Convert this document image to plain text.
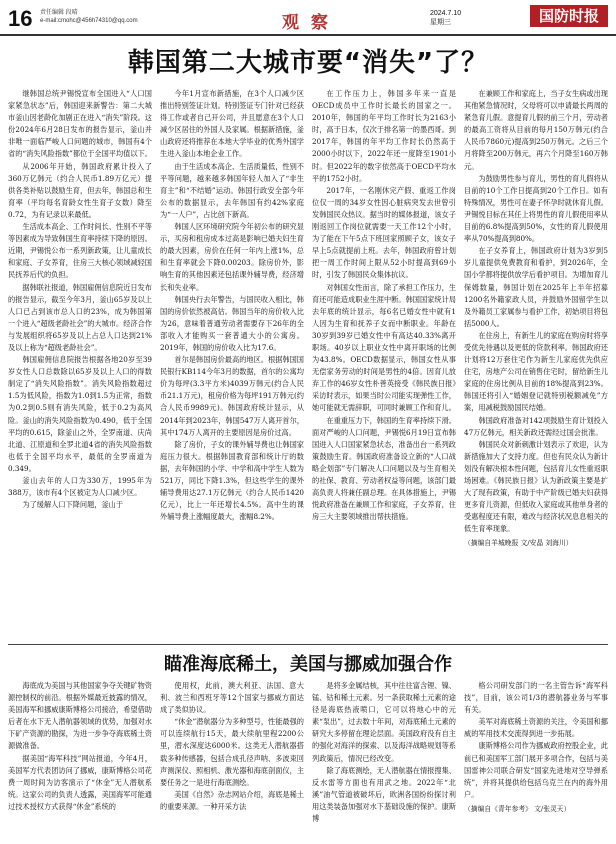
16 责任编辑 段晴
e-mail:cmohc@456h74310@qq.com	观 察	2024.7.10
星期三	国防时报
韩国第二大城市要“消失”了？

继韩国总统尹锡悦宣布全国进入“人口国家紧急状态”后，韩国迎来新警告：第二大城市釜山因老龄化加剧正在进入“消失”阶段。这份2024年6月28日发布的报告显示，釜山并非唯一面临严峻人口问题的城市，韩国有4个省的“消失风险指数”都位于全国平均值以下。

从2006年开始，韩国政府累计投入了360万亿韩元（约合人民币1.89万亿元）提供各类补贴以鼓励生育，但去年，韩国总和生育率（平均每名育龄女性生育子女数）降至0.72，为有记录以来最低。

生活成本高企、工作时间长、性别不平等等因素成为导致韩国生育率持续下降的原因。近期，尹锡悦公布一系列新政策，让儿童成长和家庭、子女养育，住房三大核心领域减轻国民抚养后代的负担。

据韩联社报道，韩国雇佣信息院近日发布的报告显示，截至今年3月，釜山65岁及以上人口已占到该市总人口的23%，成为韩国第一个进入“超级老龄社会”的大城市。经济合作与发展组织将65岁及以上占总人口达到21%及以上称为“超级老龄社会”。

韩国雇佣信息院报告根据各地20岁至39岁女性人口总数除以65岁及以上人口的得数制定了“消失风险指数”。消失风险指数超过1.5为低风险，指数为1.0到1.5为正常，指数为0.2到0.5则有消失风险，低于0.2为高风险。釜山的消失风险指数为0.490，低于全国平均的0.615，除釜山之外，全罗南道、庆尚北道、江原道和全罗北道4省的消失风险指数也低于全国平均水平，最低的全罗南道为0.349。

釜山去年的人口为330万，1995年为388万，该市有4个区被定为人口减少区。

为了缓解人口下降问题，釜山于

今年1月宣布新措施，在3个人口减少区推出特别签证计划。特别签证专门针对已经获得工作或者自己开公司，并且愿意在3个人口减少区居住的外国人及家属。根据新措施，釜山政府还将推荐在本地大学毕业的优秀外国学生进入釜山本地企业工作。

由于生活成本高企、生活质量低，性别不平等问题，越来越多韩国年轻人加入了“非生育主”和“不结婚”运动。韩国行政安全部今年公布的数据显示，去年韩国有约42%家庭为“一人户”，占比创下新高。

韩国人区环境研究院今年初公布的研究显示，买房和租房成本过高是影响已婚夫妇生育的最大因素，房价在任何一年内上涨1%，总和生育率就会下降0.00203。除房价外，影响生育的其他因素还包括课外辅导费，经济增长和失业率。

韩国央行去年警告，与国民收入相比，韩国的房价依然被高估。韩国当年的房价收入比为26，意味着普通劳动者需要存下26年的全部收入才能购买一套普通大小的公寓房。2019年，韩国的房价收入比为17.6。

首尔是韩国房价最高的地区。根据韩国国民银行KB114今年3月的数据，首尔的公寓均价为每坪(3.3平方米)4039万韩元(约合人民币21.1万元)，租房价格为每坪191万韩元(约合人民币9989元)。韩国政府统计显示，从2014年到2023年，韩国547万人离开首尔，其中174万人离开的主要原因是房价过高。

除了房价，子女的课外辅导费也让韩国家庭压力很大。根据韩国教育部和统计厅的数据，去年韩国的小学、中学和高中学生人数为521万，同比下降1.3%，但这些学生的课外辅导费用达27.1万亿韩元（约合人民币1420亿元），比上一年还增长4.5%。高中生的课外辅导费上涨幅度最大，涨幅8.2%。

在工作压力上，韩国多年来一直是OECD成员中工作时长最长的国家之一。2010年，韩国的年平均工作时长为2163小时，高于日本，仅次于排名第一的墨西哥。到2017年，韩国的年平均工作时长仍然高于2000小时以下，2022年还一度降至1901小时。但2022年的数字依然高于OECD平均水平的1752小时。

2017年，一名刚休完产假、重返工作岗位仅一周的34岁女性因心脏病突发去世曾引发韩国民众热议。据当时的媒体报道，该女子刚返回工作岗位就需要一天工作12个小时，为了能在下午5点下班回家照顾子女，该女子早上5点就提前上班。去年，韩国政府曾计划把一周工作时间上限从52小时提高到69小时，引发了韩国民众集体抗议。

对韩国女性而言，除了承担工作压力，生育还可能造成职业生涯中断。韩国国家统计局去年底的统计显示，每6名已婚女性中就有1人因为生育和抚养子女而中断职业。年龄在30岁到39岁已婚女性中有高达40.33%离开职场。40岁以上职业女性中离开职场的比例为43.8%。OECD数据显示，韩国女性从事无偿家务劳动的时间是男性的4倍。因育儿放弃工作的46岁女性朴善英接受《韩民族日报》采访时表示，如果当时公司能实现弹性工作，她可能就无需辞职，可同时兼顾工作和育儿。

在重重压力下，韩国的生育率持续下滑。面对严峻的人口问题，尹锡悦6月19日宣布韩国进入人口国家紧急状态，准备出台一系列政策鼓励生育。韩国政府准备设立新的“人口战略企划部”专门解决人口问题以及与生育相关的社保、教育、劳动者权益等问题，该部门最高负责人将兼任副总理。在具体措施上，尹锡悦政府准备在兼顾工作和家庭，子女养育，住房三大主要领域推出帮扶措施。

在兼顾工作和家庭上，当子女生病或出现其他紧急情况时，父母将可以申请最长两周的紧急育儿假。意提育儿假的前三个月，劳动者的最高工资将从目前的每月150万韩元(约合人民币7860元)提高到250万韩元。之后三个月将降至200万韩元，再六个月降至160万韩元。

为鼓励男性参与育儿，男性的育儿假将从目前的10个工作日提高到20个工作日。如有特殊情况，男性可在妻子怀孕时就休育儿假。尹锡悦目标在其任上将男性的育儿假使用率从目前的6.8%提高到50%，女性的育儿假使用率从70%提高到80%。

在子女养育上，韩国政府计划为3岁到5岁儿童提供免费教育和看护，到2026年，全国小学都将提供放学后看护项目。为增加育儿保姆数量，韩国计划在2025年上半年招募1200名外籍家政人员，并鼓励外国留学生以及外籍员工家属参与看护工作，初始项目将包括5000人。

在住房上，有新生儿的家庭在购房时将享受优先待遇以及更低的贷款利率。韩国政府还计划将12万套住宅作为新生儿家庭优先供应住宅，房地产公司在销售住宅时，留给新生儿家庭的住房比例从目前的18%提高到23%。韩国还将引入“婚姻登记就特别税额减免”方案，用减税鼓励国民结婚。

韩国政府准备对142项鼓励生育计划投入47万亿韩元，相关新政还需经过国会批准。

韩国民众对新刺激计划表示了欢迎，认为新措施加大了支持力度。但也有民众认为新计划没有解决根本性问题，包括育儿女性重返职场困难。《韩民族日报》认为新政策主要是扩大了现有政策，有助于中产阶级已婚夫妇获得更多育儿资源，但低收入家庭或其他单身者的受惠程度还有限，难改与经济状况息息相关的低生育率现象。

（摘编自羊城晚报 文/安晶 刘海川）
瞄准海底稀土，美国与挪威加强合作

海底成为美国与其他国家争夺关键矿物资源控制权的前沿。根据外媒最近披露的情况，美国海军和挪威康斯博格公司接洽，希望借助后者在水下无人潜航器领域的优势，加强对水下矿产资源的勘探，为进一步争夺海底稀土资源做准备。

据美国“海军科技”网站报道，今年4月，美国军方代表团访问了挪威，康斯博格公司花费一周时间为访客演示了“休金”无人潜航系统。这家公司的负责人透露，美国海军可能通过技术授权方式获得“休金”系统的

使用权，此前，澳大利亚、法国、意大利、波兰和西班牙等12个国家与挪威方面达成了类似协议。

“休金”潜航器分为多种型号，性能最强的可以连续航行15天，最大续航里程2200公里，潜水深度达6000米。这类无人潜航器搭载多种传感器，包括合成孔径声呐、多波束回声测深仪、照相机、激光器和海底剖面仪，主要任务之一是进行海底测绘。

美国《自然》杂志网站介绍，海底是稀土的重要来源。一种开采方法

是将多金属结核，其中往往富含锂、镍、锰、钴和稀土元素。另一条获取稀土元素的途径是海底热液喷口，它可以将地心中的元素“泵出”，过去数十年间，对海底稀土元素的研究大多停留在理论层面。美国政府没有自主的强化对海洋的探索、以及海洋战略规划等系列政策后，情况已经改变。

除了海底测绘，无人潜航器在情报搜集、反水雷等方面也有用武之地。2022年“北溪”油气管道被破坏后，欧洲各国纷纷探讨利用这类装备加强对水下基础设施的保护。康斯博

格公司研发部门的一名主管告诉“海军科技”，目前，该公司1/3的潜航器业务与军事有关。

美军对海底稀土资源的关注，令美国和挪威的军用技术交流得到进一步拓展。

康斯博格公司作为挪威政府控股企业，此前已和美国军工部门展开多项合作，包括与美国雷神公司联合研发“国家先进地对空导弹系统”，并将其提供给包括乌克兰在内的海外用户。

（摘编自《青年参考》 文/张灵天）
